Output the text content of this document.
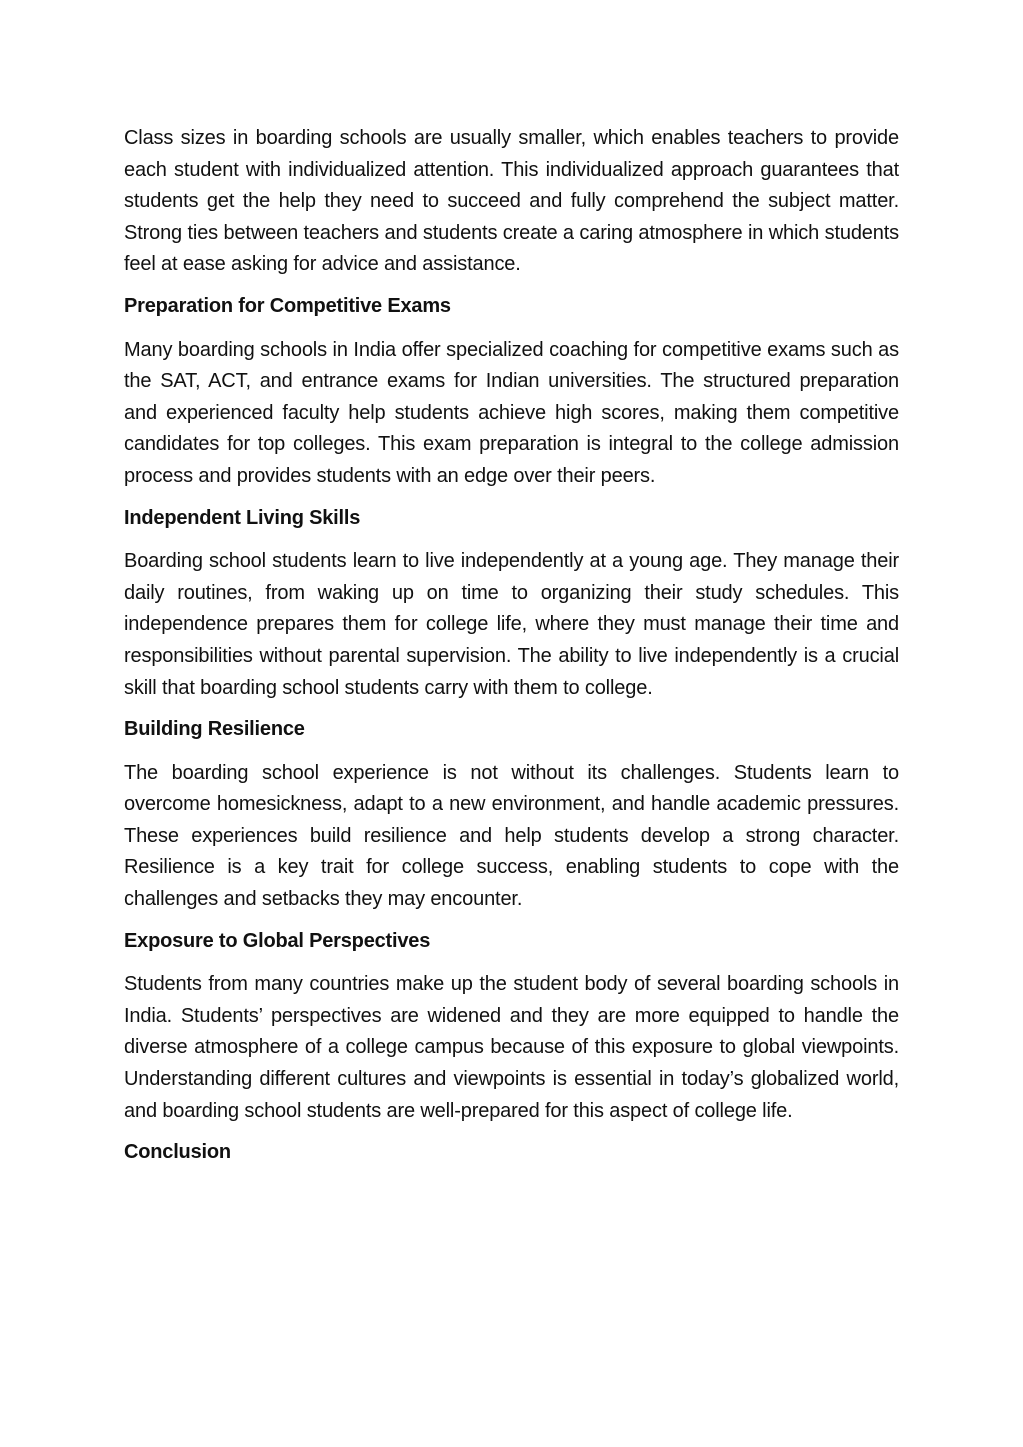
Class sizes in boarding schools are usually smaller, which enables teachers to provide each student with individualized attention. This individualized approach guarantees that students get the help they need to succeed and fully comprehend the subject matter. Strong ties between teachers and students create a caring atmosphere in which students feel at ease asking for advice and assistance.

Preparation for Competitive Exams

Many boarding schools in India offer specialized coaching for competitive exams such as the SAT, ACT, and entrance exams for Indian universities. The structured preparation and experienced faculty help students achieve high scores, making them competitive candidates for top colleges. This exam preparation is integral to the college admission process and provides students with an edge over their peers.

Independent Living Skills

Boarding school students learn to live independently at a young age. They manage their daily routines, from waking up on time to organizing their study schedules. This independence prepares them for college life, where they must manage their time and responsibilities without parental supervision. The ability to live independently is a crucial skill that boarding school students carry with them to college.

Building Resilience

The boarding school experience is not without its challenges. Students learn to overcome homesickness, adapt to a new environment, and handle academic pressures. These experiences build resilience and help students develop a strong character. Resilience is a key trait for college success, enabling students to cope with the challenges and setbacks they may encounter.

Exposure to Global Perspectives

Students from many countries make up the student body of several boarding schools in India. Students’ perspectives are widened and they are more equipped to handle the diverse atmosphere of a college campus because of this exposure to global viewpoints. Understanding different cultures and viewpoints is essential in today’s globalized world, and boarding school students are well-prepared for this aspect of college life.

Conclusion
